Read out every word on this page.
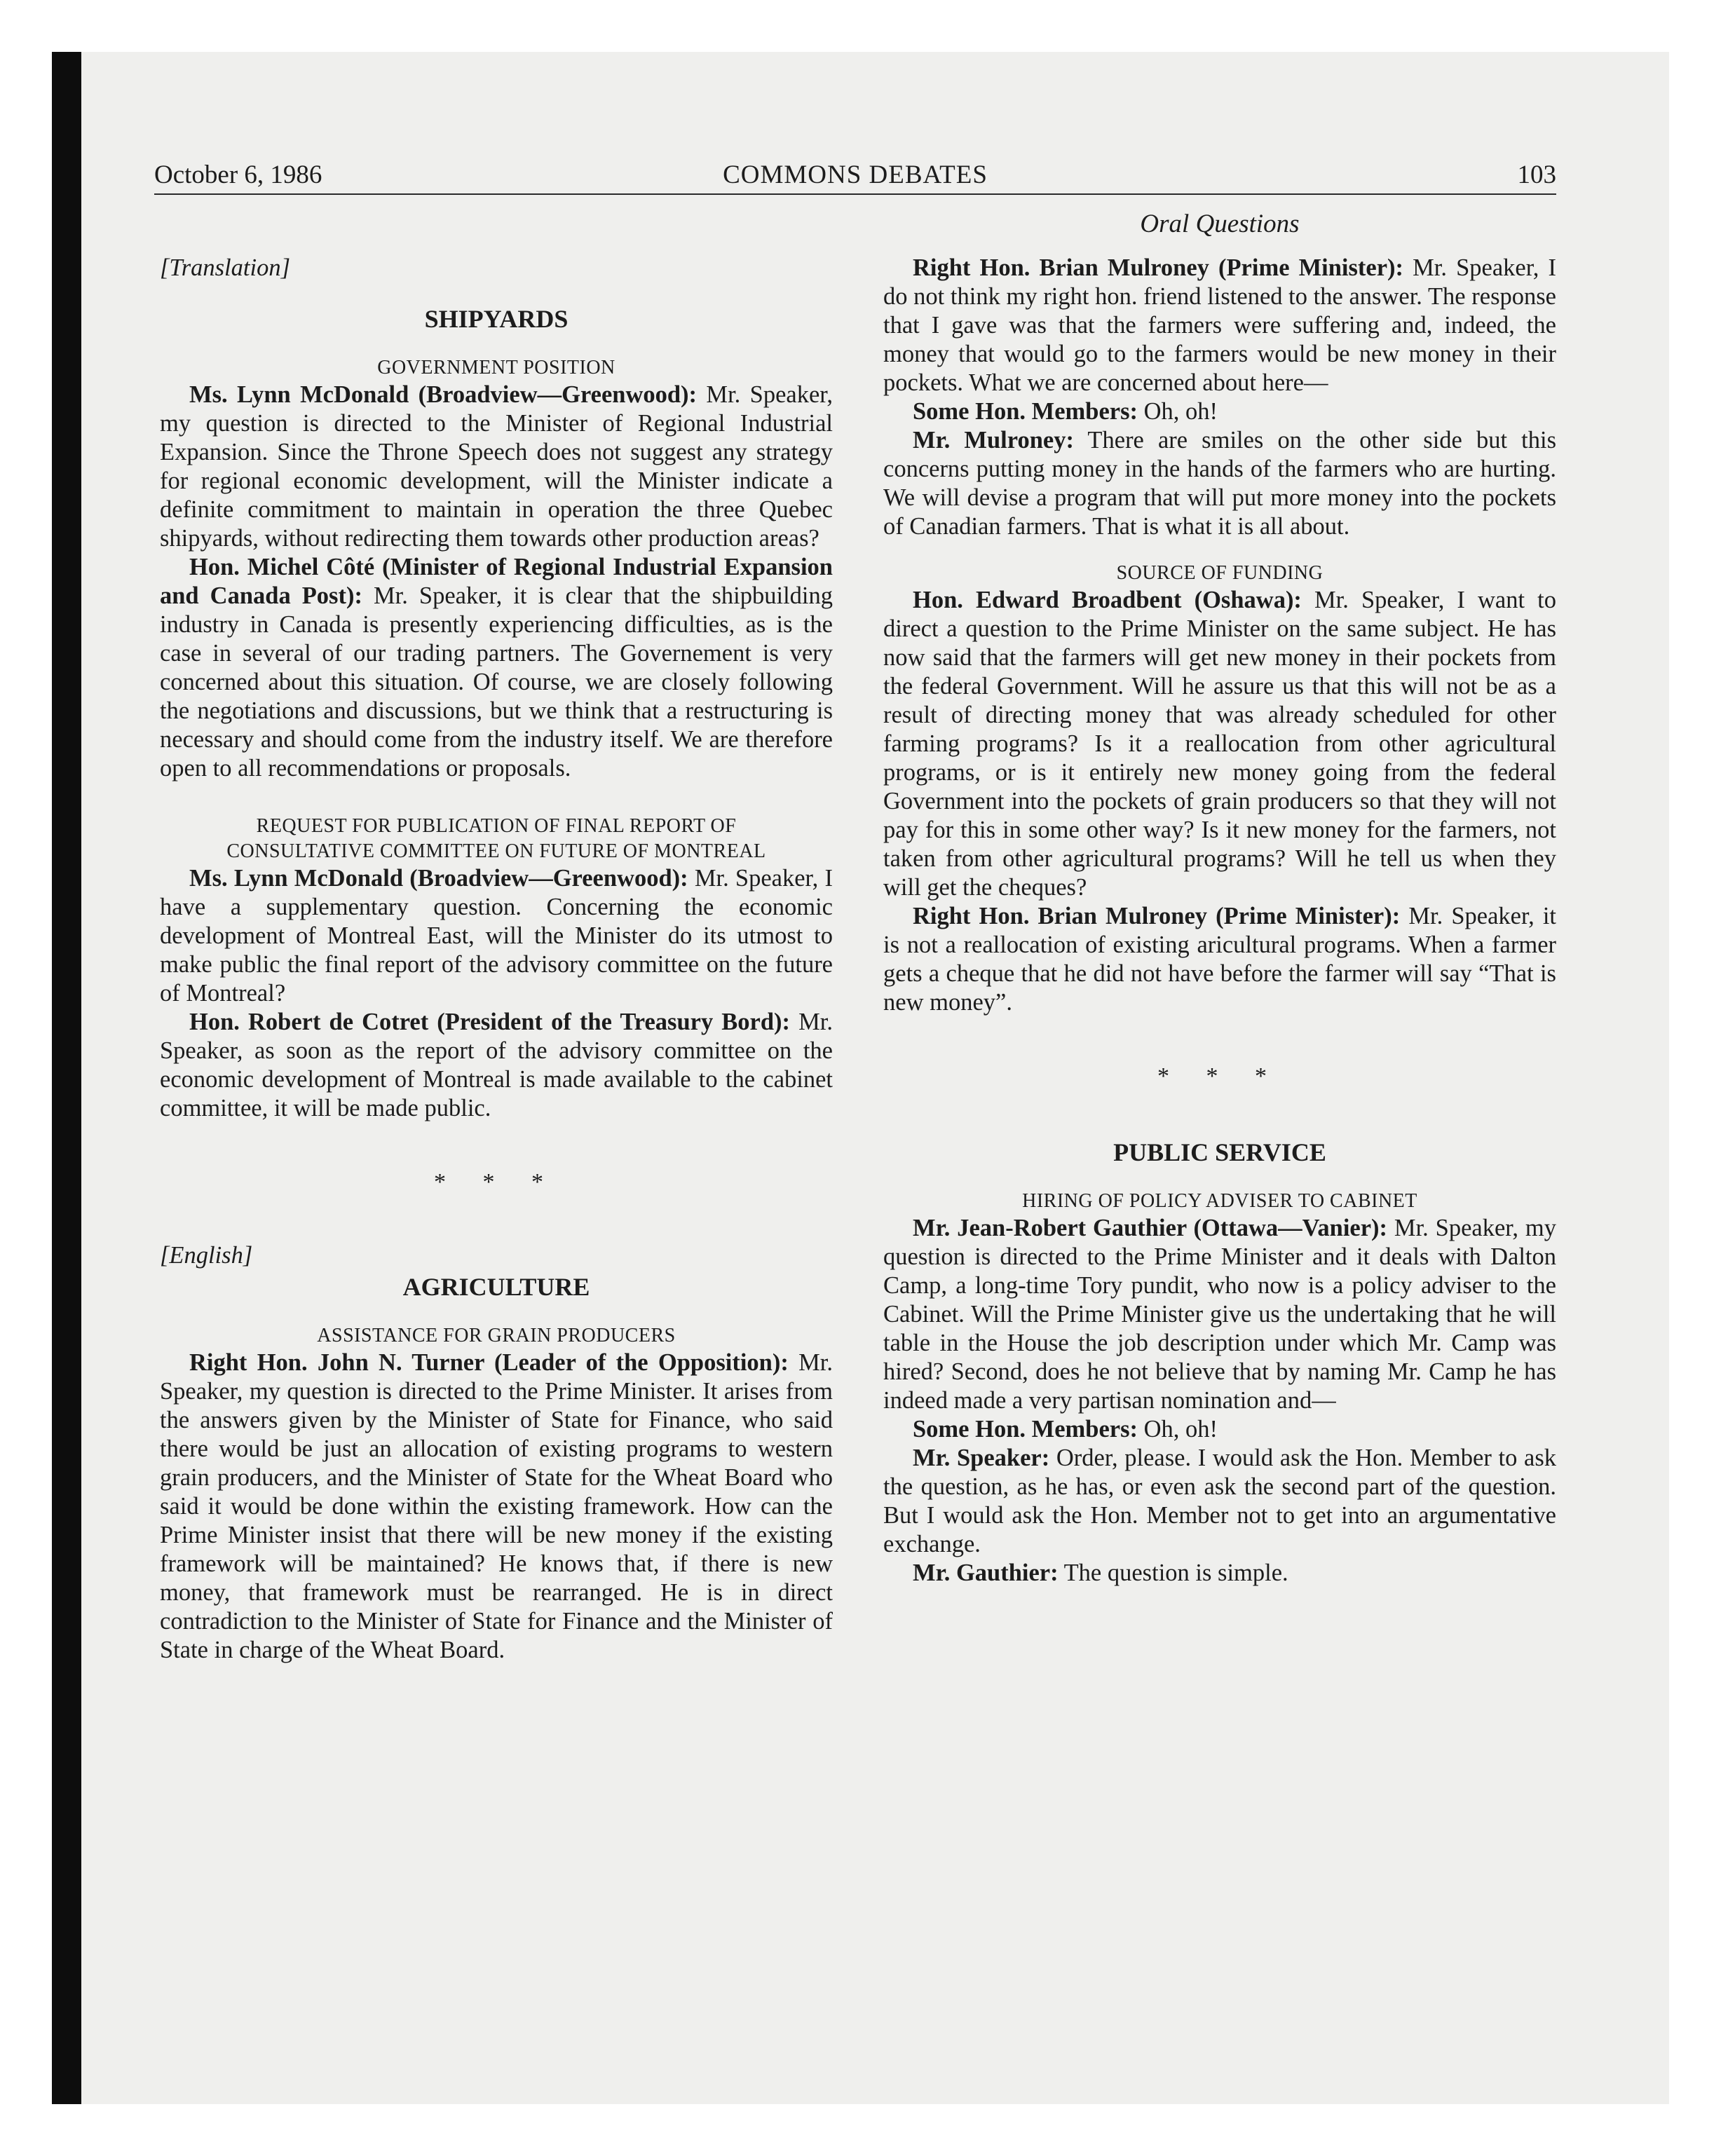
October 6, 1986	COMMONS DEBATES	103
Oral Questions

[Translation]

SHIPYARDS

GOVERNMENT POSITION

Ms. Lynn McDonald (Broadview—Greenwood): Mr. Speaker, my question is directed to the Minister of Regional Industrial Expansion. Since the Throne Speech does not suggest any strategy for regional economic development, will the Minister indicate a definite commitment to maintain in operation the three Quebec shipyards, without redirecting them towards other production areas?

Hon. Michel Côté (Minister of Regional Industrial Expansion and Canada Post): Mr. Speaker, it is clear that the shipbuilding industry in Canada is presently experiencing difficulties, as is the case in several of our trading partners. The Governement is very concerned about this situation. Of course, we are closely following the negotiations and discussions, but we think that a restructuring is necessary and should come from the industry itself. We are therefore open to all recommendations or proposals.

REQUEST FOR PUBLICATION OF FINAL REPORT OF

CONSULTATIVE COMMITTEE ON FUTURE OF MONTREAL

Ms. Lynn McDonald (Broadview—Greenwood): Mr. Speaker, I have a supplementary question. Concerning the economic development of Montreal East, will the Minister do its utmost to make public the final report of the advisory committee on the future of Montreal?

Hon. Robert de Cotret (President of the Treasury Bord): Mr. Speaker, as soon as the report of the advisory committee on the economic development of Montreal is made available to the cabinet committee, it will be made public.

* * *

[English]

AGRICULTURE

ASSISTANCE FOR GRAIN PRODUCERS

Right Hon. John N. Turner (Leader of the Opposition): Mr. Speaker, my question is directed to the Prime Minister. It arises from the answers given by the Minister of State for Finance, who said there would be just an allocation of existing programs to western grain producers, and the Minister of State for the Wheat Board who said it would be done within the existing framework. How can the Prime Minister insist that there will be new money if the existing framework will be maintained? He knows that, if there is new money, that framework must be rearranged. He is in direct contradiction to the Minister of State for Finance and the Minister of State in charge of the Wheat Board.

Right Hon. Brian Mulroney (Prime Minister): Mr. Speaker, I do not think my right hon. friend listened to the answer. The response that I gave was that the farmers were suffering and, indeed, the money that would go to the farmers would be new money in their pockets. What we are concerned about here—

Some Hon. Members: Oh, oh!

Mr. Mulroney: There are smiles on the other side but this concerns putting money in the hands of the farmers who are hurting. We will devise a program that will put more money into the pockets of Canadian farmers. That is what it is all about.

SOURCE OF FUNDING

Hon. Edward Broadbent (Oshawa): Mr. Speaker, I want to direct a question to the Prime Minister on the same subject. He has now said that the farmers will get new money in their pockets from the federal Government. Will he assure us that this will not be as a result of directing money that was already scheduled for other farming programs? Is it a reallocation from other agricultural programs, or is it entirely new money going from the federal Government into the pockets of grain producers so that they will not pay for this in some other way? Is it new money for the farmers, not taken from other agricultural programs? Will he tell us when they will get the cheques?

Right Hon. Brian Mulroney (Prime Minister): Mr. Speaker, it is not a reallocation of existing aricultural programs. When a farmer gets a cheque that he did not have before the farmer will say “That is new money”.

* * *

PUBLIC SERVICE

HIRING OF POLICY ADVISER TO CABINET

Mr. Jean-Robert Gauthier (Ottawa—Vanier): Mr. Speaker, my question is directed to the Prime Minister and it deals with Dalton Camp, a long-time Tory pundit, who now is a policy adviser to the Cabinet. Will the Prime Minister give us the undertaking that he will table in the House the job description under which Mr. Camp was hired? Second, does he not believe that by naming Mr. Camp he has indeed made a very partisan nomination and—

Some Hon. Members: Oh, oh!

Mr. Speaker: Order, please. I would ask the Hon. Member to ask the question, as he has, or even ask the second part of the question. But I would ask the Hon. Member not to get into an argumentative exchange.

Mr. Gauthier: The question is simple.
